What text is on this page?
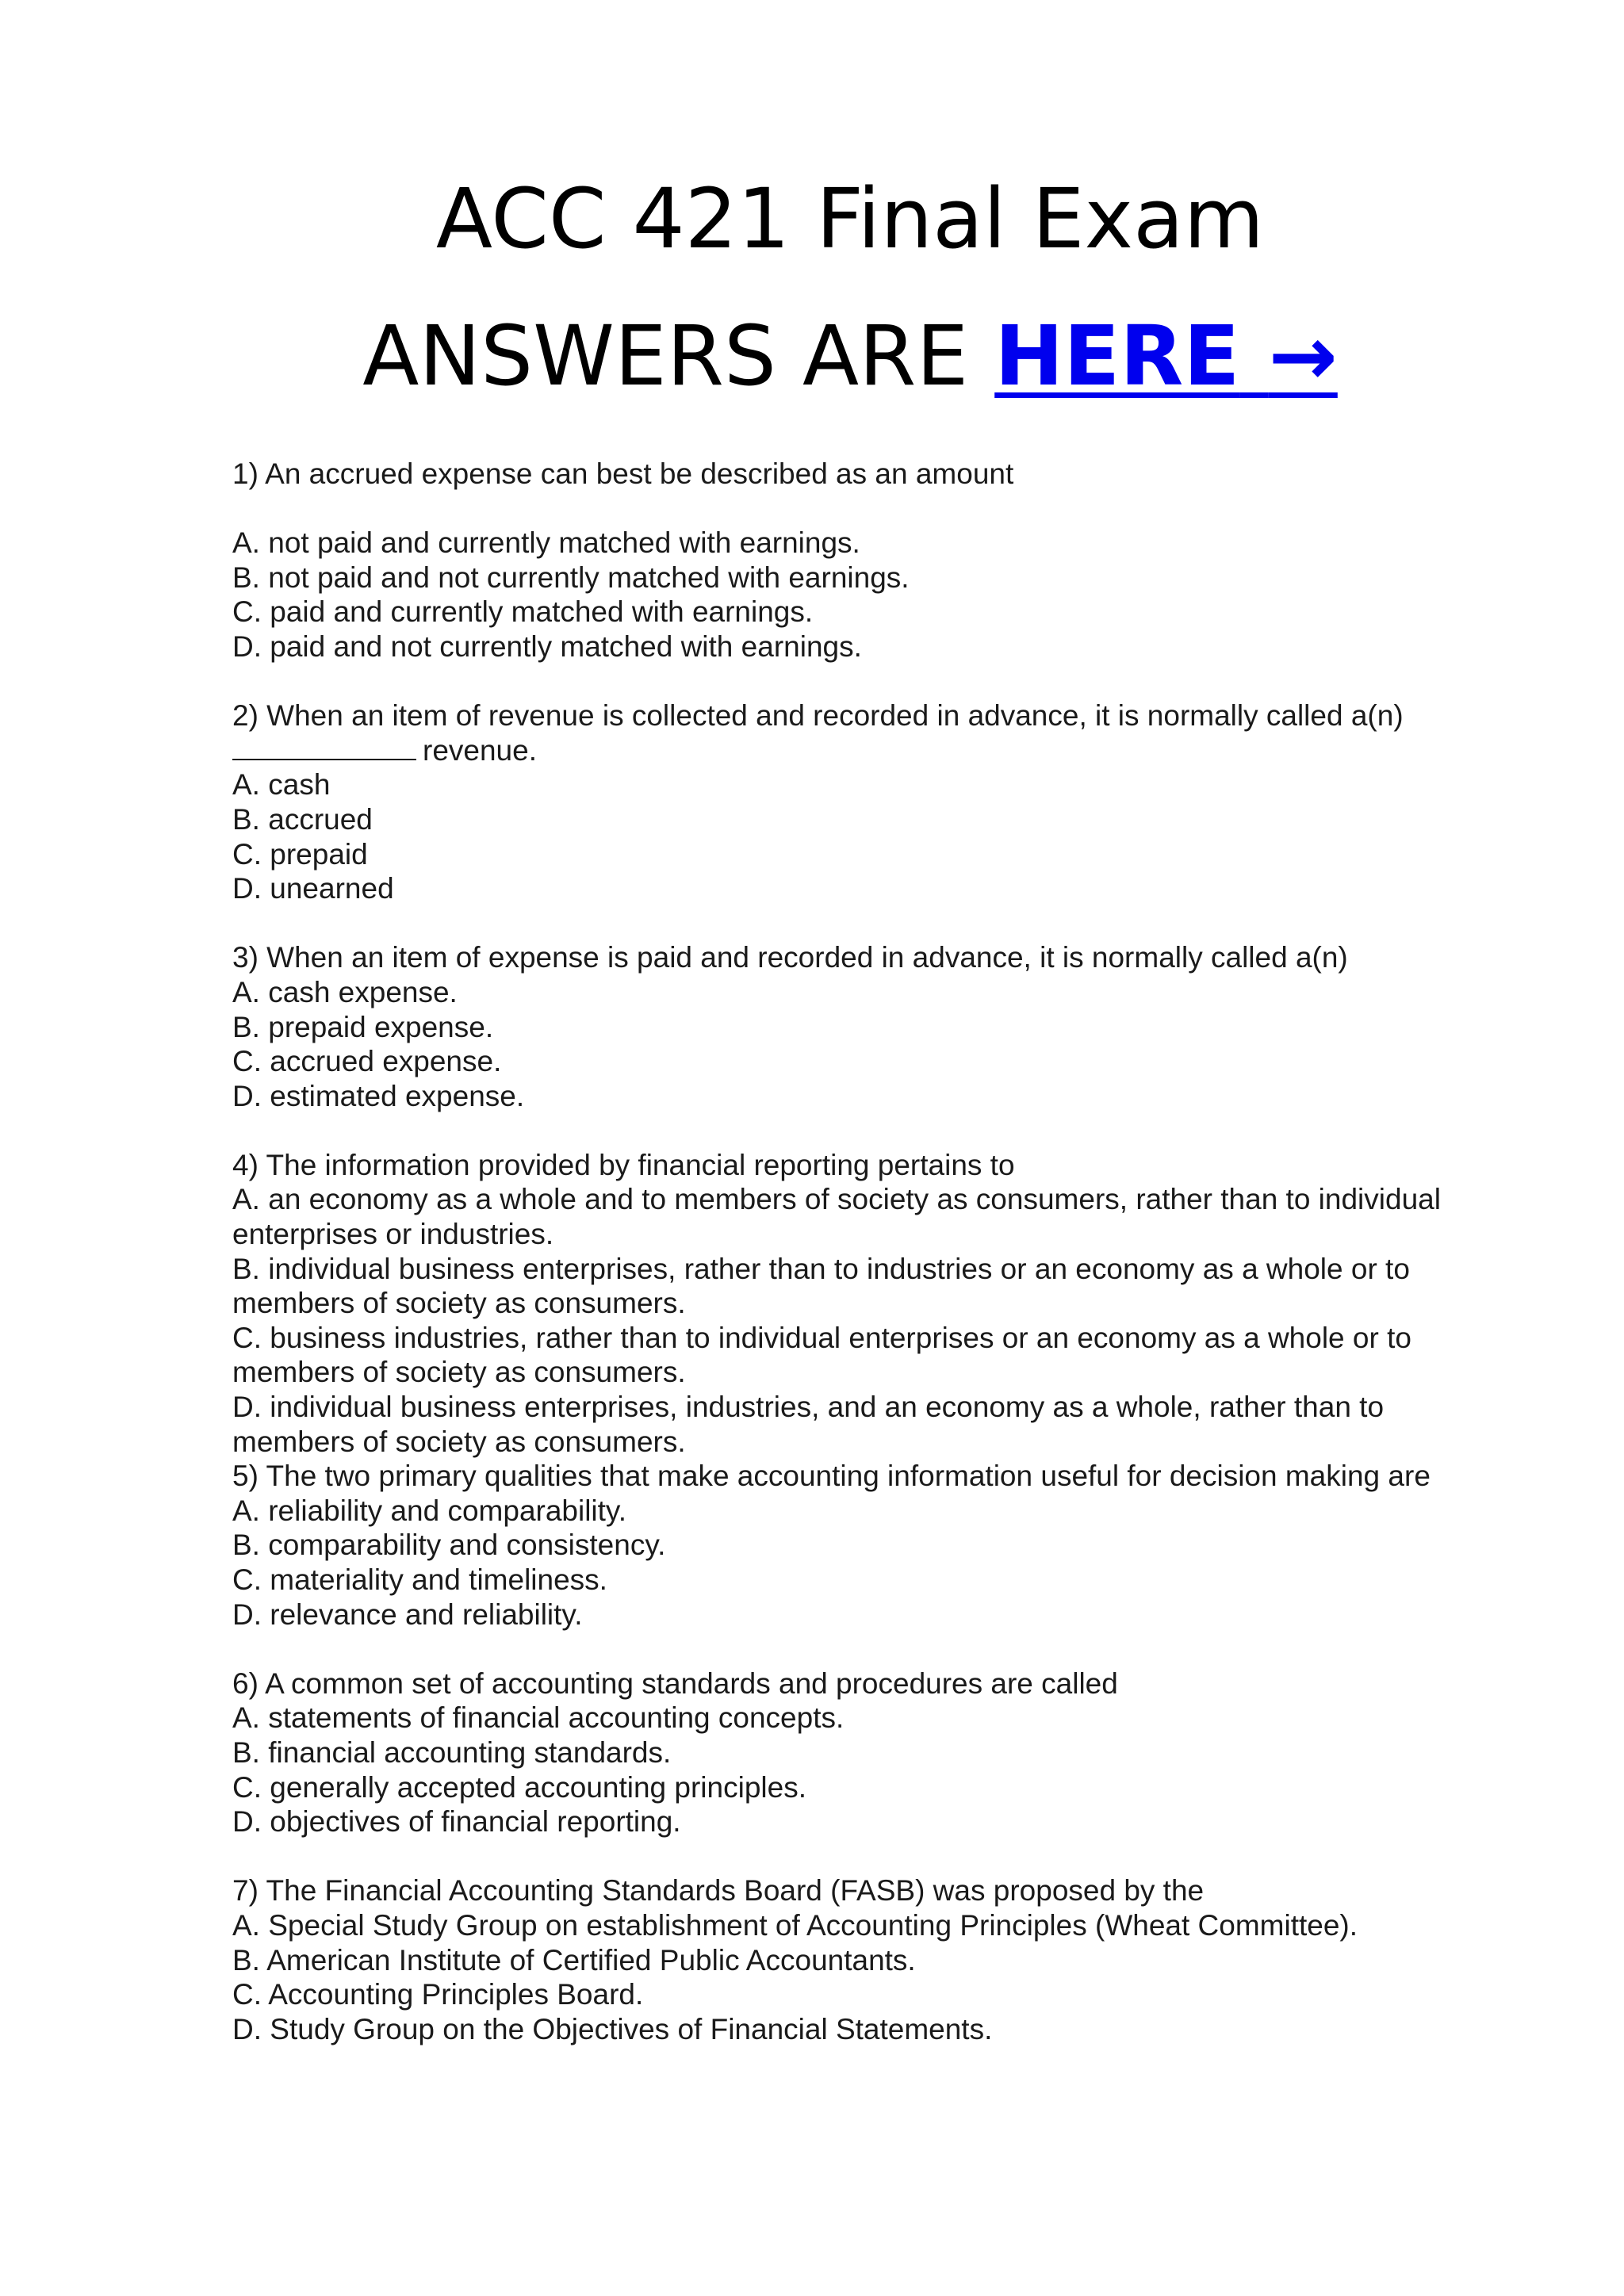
ACC 421 Final Exam
ANSWERS ARE HERE →
1) An accrued expense can best be described as an amount
A. not paid and currently matched with earnings.
B. not paid and not currently matched with earnings.
C. paid and currently matched with earnings.
D. paid and not currently matched with earnings.
2) When an item of revenue is collected and recorded in advance, it is normally called a(n)
revenue.
A. cash
B. accrued
C. prepaid
D. unearned
3) When an item of expense is paid and recorded in advance, it is normally called a(n)
A. cash expense.
B. prepaid expense.
C. accrued expense.
D. estimated expense.
4) The information provided by financial reporting pertains to
A. an economy as a whole and to members of society as consumers, rather than to individual enterprises or industries.
B. individual business enterprises, rather than to industries or an economy as a whole or to members of society as consumers.
C. business industries, rather than to individual enterprises or an economy as a whole or to members of society as consumers.
D. individual business enterprises, industries, and an economy as a whole, rather than to members of society as consumers.
5) The two primary qualities that make accounting information useful for decision making are
A. reliability and comparability.
B. comparability and consistency.
C. materiality and timeliness.
D. relevance and reliability.
6) A common set of accounting standards and procedures are called
A. statements of financial accounting concepts.
B. financial accounting standards.
C. generally accepted accounting principles.
D. objectives of financial reporting.
7) The Financial Accounting Standards Board (FASB) was proposed by the
A. Special Study Group on establishment of Accounting Principles (Wheat Committee).
B. American Institute of Certified Public Accountants.
C. Accounting Principles Board.
D. Study Group on the Objectives of Financial Statements.
